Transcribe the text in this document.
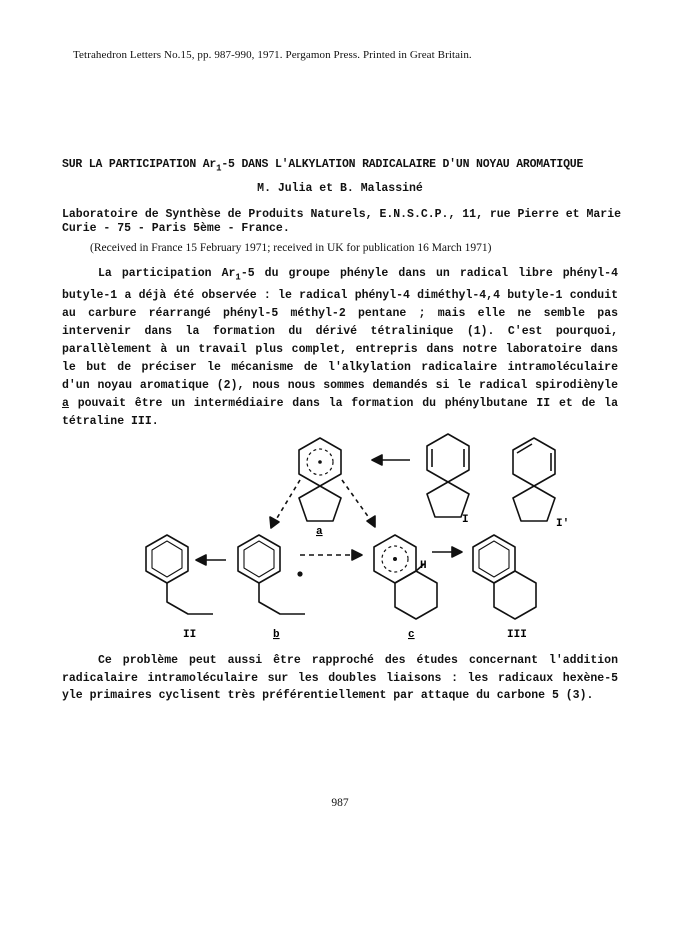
Tetrahedron Letters No.15, pp. 987-990, 1971. Pergamon Press. Printed in Great Britain.
SUR LA PARTICIPATION $Ar_1-5$ DANS L'ALKYLATION RADICALAIRE D'UN NOYAU AROMATIQUE
M. Julia et B. Malassiné
Laboratoire de Synthèse de Produits Naturels, E.N.S.C.P., 11, rue Pierre et Marie Curie - 75 - Paris 5ème - France.
(Received in France 15 February 1971; received in UK for publication 16 March 1971)
La participation $Ar_1-5$ du groupe phényle dans un radical libre phényl-4 butyle-1 a déjà été observée : le radical phényl-4 diméthyl-4,4 butyle-1 conduit au carbure réarrangé phényl-5 méthyl-2 pentane ; mais elle ne semble pas intervenir dans la formation du dérivé tétralinique (1). C'est pourquoi, parallèlement à un travail plus complet, entrepris dans notre laboratoire dans le but de préciser le mécanisme de l'alkylation radicalaire intramoléculaire d'un noyau aromatique (2), nous nous sommes demandés si le radical spirodiènyle a pouvait être un intermédiaire dans la formation du phénylbutane II et de la tétraline III.
a
I	I'
II	b	c	III
H
Ce problème peut aussi être rapproché des études concernant l'addition radicalaire intramoléculaire sur les doubles liaisons : les radicaux hexène-5 yle primaires cyclisent très préférentiellement par attaque du carbone 5 (3).
987
